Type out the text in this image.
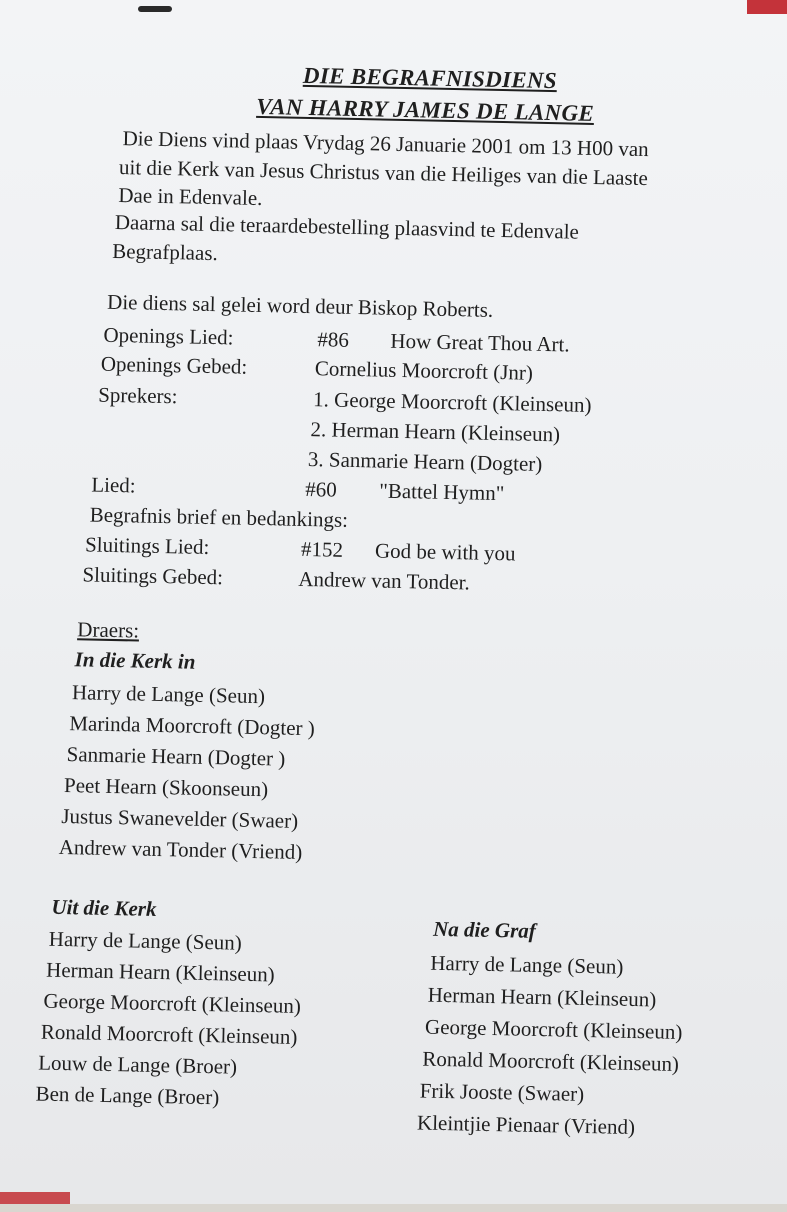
DIE BEGRAFNISDIENS
VAN HARRY JAMES DE LANGE
Die Diens vind plaas Vrydag 26 Januarie 2001 om 13 H00 van
uit die Kerk van Jesus Christus van die Heiliges van die Laaste
Dae in Edenvale.
Daarna sal die teraardebestelling plaasvind te Edenvale
Begrafplaas.
Die diens sal gelei word deur Biskop Roberts.
Openings Lied:	#86 How Great Thou Art.
Openings Gebed:	Cornelius Moorcroft (Jnr)
Sprekers:	1. George Moorcroft (Kleinseun)
2. Herman Hearn (Kleinseun)
3. Sanmarie Hearn (Dogter)
Lied:	#60 "Battel Hymn"
Begrafnis brief en bedankings:
Sluitings Lied:	#152 God be with you
Sluitings Gebed:	Andrew van Tonder.
Draers:
In die Kerk in
Harry de Lange (Seun)
Marinda Moorcroft (Dogter )
Sanmarie Hearn (Dogter )
Peet Hearn (Skoonseun)
Justus Swanevelder (Swaer)
Andrew van Tonder (Vriend)
Uit die Kerk
Harry de Lange (Seun)
Herman Hearn (Kleinseun)
George Moorcroft (Kleinseun)
Ronald Moorcroft (Kleinseun)
Louw de Lange (Broer)
Ben de Lange (Broer)
Na die Graf
Harry de Lange (Seun)
Herman Hearn (Kleinseun)
George Moorcroft (Kleinseun)
Ronald Moorcroft (Kleinseun)
Frik Jooste (Swaer)
Kleintjie Pienaar (Vriend)
